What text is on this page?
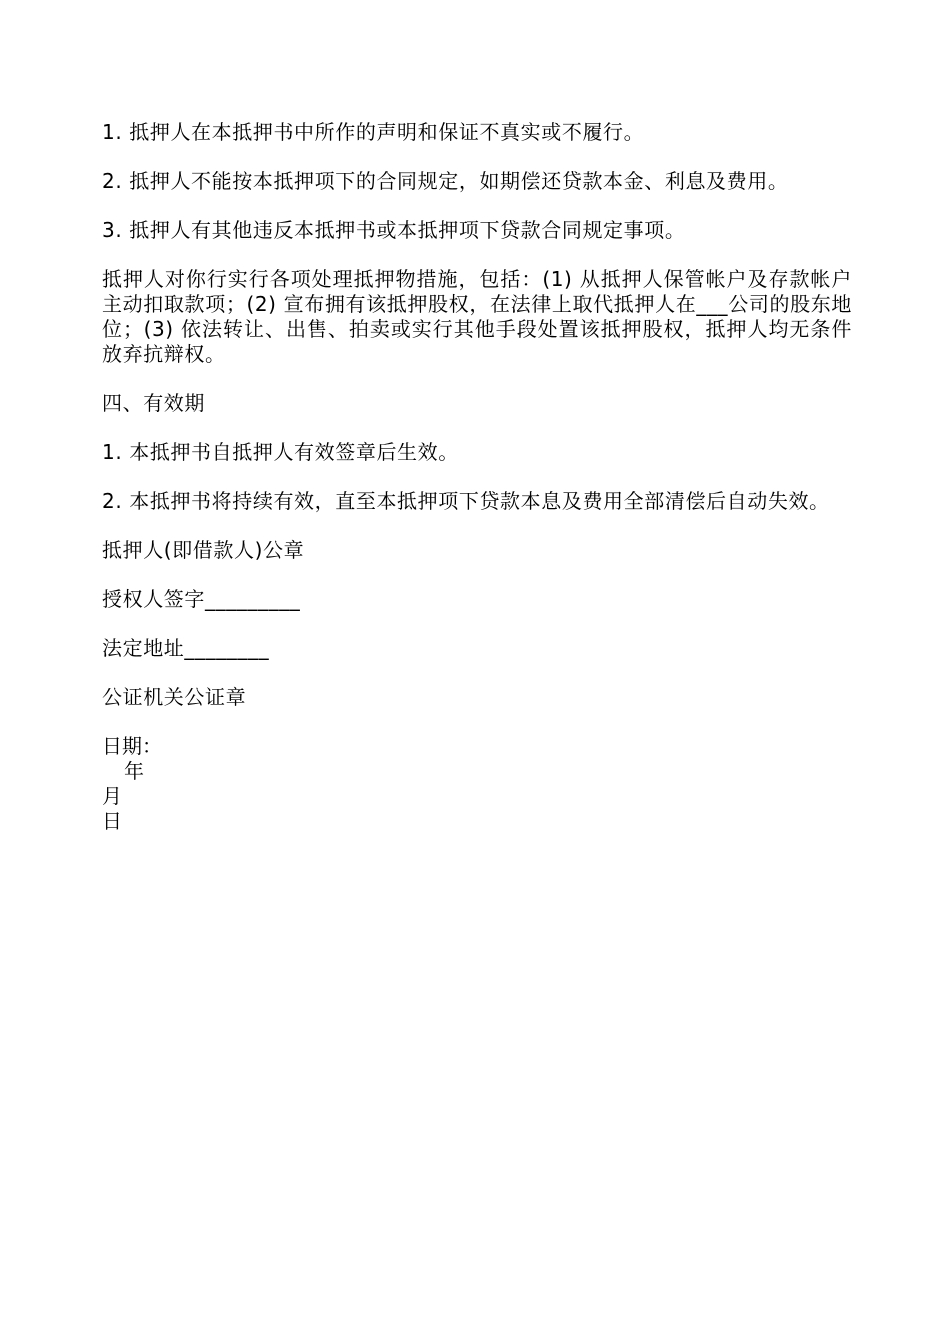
1. 抵押人在本抵押书中所作的声明和保证不真实或不履行。

2. 抵押人不能按本抵押项下的合同规定，如期偿还贷款本金、利息及费用。

3. 抵押人有其他违反本抵押书或本抵押项下贷款合同规定事项。

抵押人对你行实行各项处理抵押物措施，包括：(1) 从抵押人保管帐户及存款帐户主动扣取款项；(2) 宣布拥有该抵押股权，在法律上取代抵押人在___公司的股东地位；(3) 依法转让、出售、拍卖或实行其他手段处置该抵押股权，抵押人均无条件放弃抗辩权。

四、有效期

1. 本抵押书自抵押人有效签章后生效。

2. 本抵押书将持续有效，直至本抵押项下贷款本息及费用全部清偿后自动失效。

抵押人(即借款人)公章

授权人签字_________

法定地址________

公证机关公证章

日期：
年
月
日
